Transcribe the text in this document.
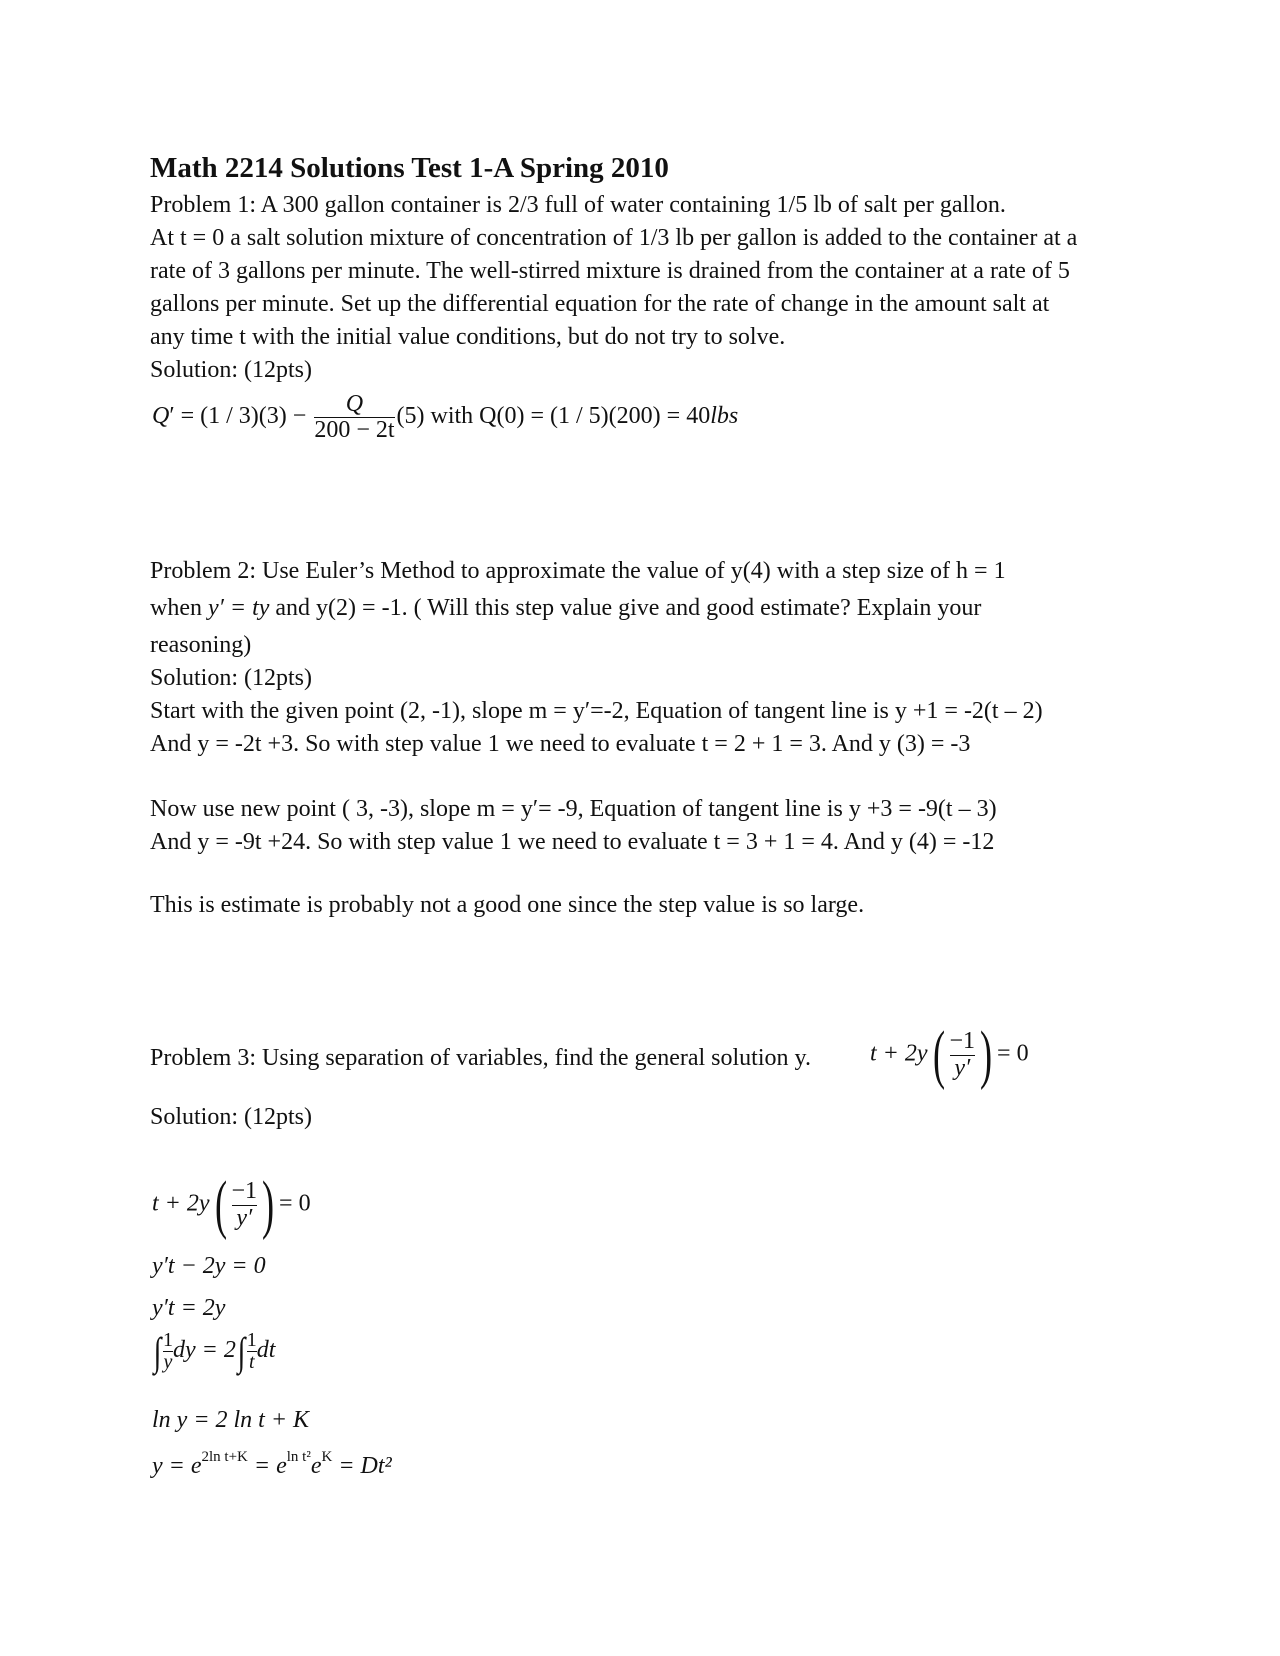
Math 2214 Solutions Test 1-A Spring 2010
Problem 1: A 300 gallon container is 2/3 full of water containing 1/5 lb of salt per gallon.
At t = 0 a salt solution mixture of concentration of 1/3 lb per gallon is added to the container at a
rate of 3 gallons per minute. The well-stirred mixture is drained from the container at a rate of 5
gallons per minute. Set up the differential equation for the rate of change in the amount salt at
any time t with the initial value conditions, but do not try to solve.
Solution: (12pts)
$Q' = (1 / 3)(3) - \frac{Q}{200 - 2t} (5)$ with Q(0) = (1 / 5)(200) = 40lbs
Problem 2: Use Euler’s Method to approximate the value of y(4) with a step size of h = 1
when y′ = ty and y(2) = -1. ( Will this step value give and good estimate? Explain your
reasoning)
Solution: (12pts)
Start with the given point (2, -1), slope m = y′=-2, Equation of tangent line is y +1 = -2(t – 2)
And y = -2t +3. So with step value 1 we need to evaluate t = 2 + 1 = 3. And y (3) = -3
Now use new point ( 3, -3), slope m = y′= -9, Equation of tangent line is y +3 = -9(t – 3)
And y = -9t +24. So with step value 1 we need to evaluate t = 3 + 1 = 4. And y (4) = -12
This is estimate is probably not a good one since the step value is so large.
Problem 3: Using separation of variables, find the general solution y. $t + 2y( \frac{-1}{y'}$ ) = 0
Solution: (12pts)
$t + 2y( \frac{-1}{y'}$ ) = 0
y′t − 2y = 0
y′t = 2y
∫ $\frac{1}{y}$ dy = $2\int \frac{1}{t}$ dt
ln y = 2 ln t + K
$y = e^{2ln t+K} = e^{ln t^2}e^K = Dt^2$
